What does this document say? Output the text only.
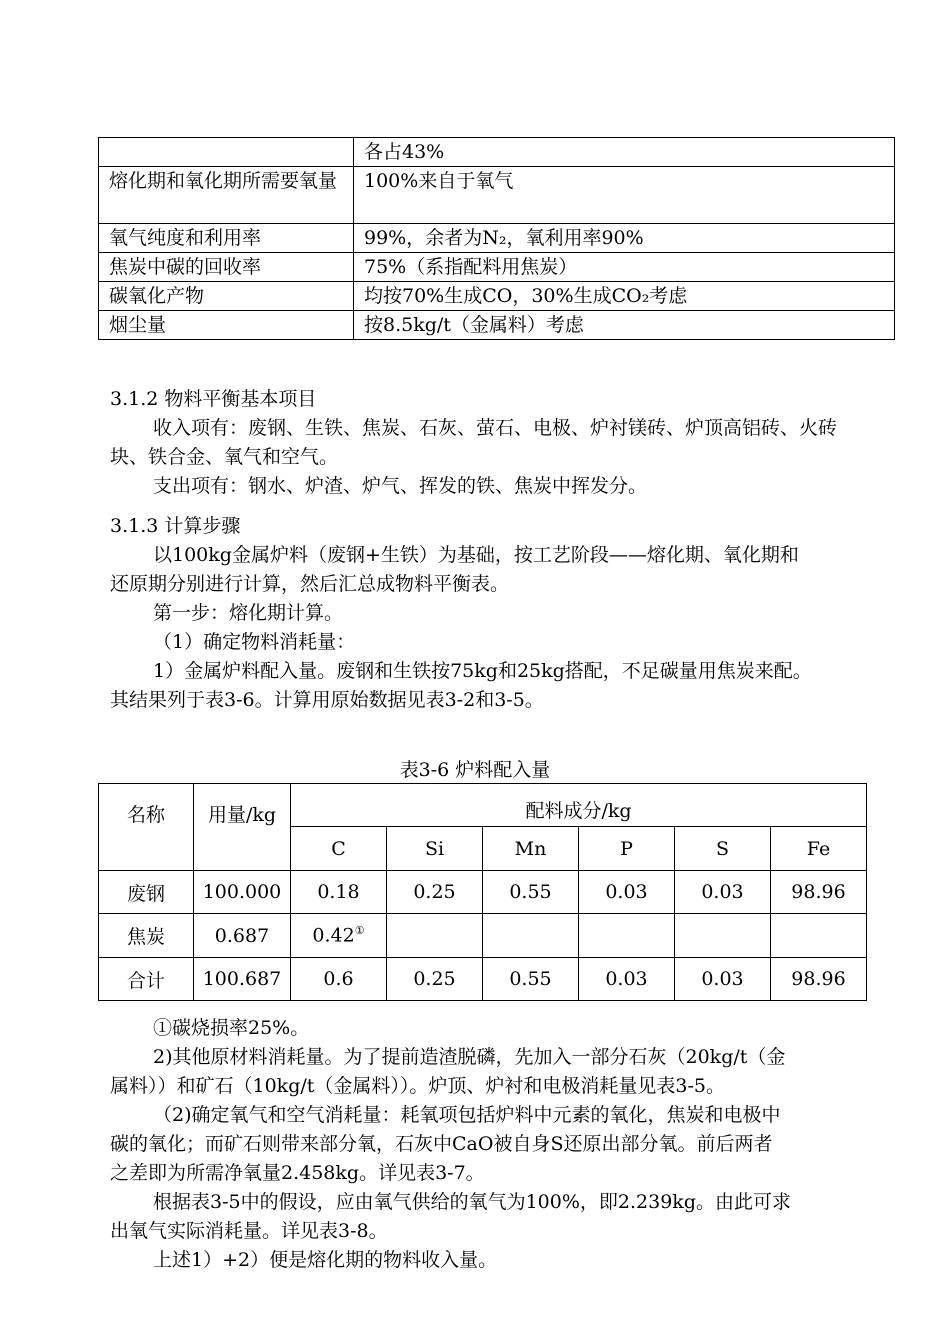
	各占43%
熔化期和氧化期所需要氧量	100%来自于氧气
氧气纯度和利用率	99%，余者为N₂，氧利用率90%
焦炭中碳的回收率	75%（系指配料用焦炭）
碳氧化产物	均按70%生成CO，30%生成CO₂考虑
烟尘量	按8.5kg/t（金属料）考虑
3.1.2 物料平衡基本项目
收入项有：废钢、生铁、焦炭、石灰、萤石、电极、炉衬镁砖、炉顶高铝砖、火砖
块、铁合金、氧气和空气。
支出项有：钢水、炉渣、炉气、挥发的铁、焦炭中挥发分。
3.1.3 计算步骤
以100kg金属炉料（废钢+生铁）为基础，按工艺阶段——熔化期、氧化期和
还原期分别进行计算，然后汇总成物料平衡表。
第一步：熔化期计算。
（1）确定物料消耗量：
1）金属炉料配入量。废钢和生铁按75kg和25kg搭配，不足碳量用焦炭来配。
其结果列于表3-6。计算用原始数据见表3-2和3-5。
表3-6 炉料配入量
名称	用量/kg	配料成分/kg					
		C	Si	Mn	P	S	Fe
废钢	100.000	0.18	0.25	0.55	0.03	0.03	98.96
焦炭	0.687	0.42①					
合计	100.687	0.6	0.25	0.55	0.03	0.03	98.96
①碳烧损率25%。
2)其他原材料消耗量。为了提前造渣脱磷，先加入一部分石灰（20kg/t（金
属料））和矿石（10kg/t（金属料））。炉顶、炉衬和电极消耗量见表3-5。
（2)确定氧气和空气消耗量：耗氧项包括炉料中元素的氧化，焦炭和电极中
碳的氧化；而矿石则带来部分氧，石灰中CaO被自身S还原出部分氧。前后两者
之差即为所需净氧量2.458kg。详见表3-7。
根据表3-5中的假设，应由氧气供给的氧气为100%，即2.239kg。由此可求
出氧气实际消耗量。详见表3-8。
上述1）+2）便是熔化期的物料收入量。
